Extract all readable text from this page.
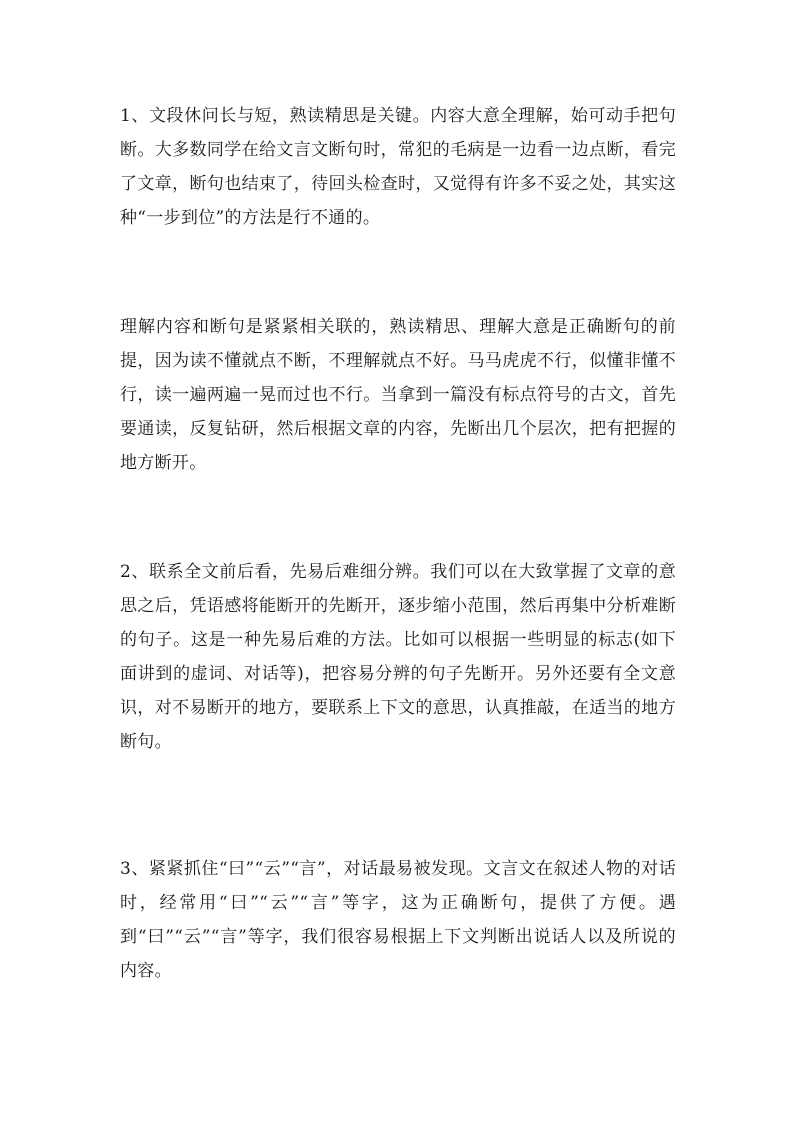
1、文段休问长与短，熟读精思是关键。内容大意全理解，始可动手把句断。大多数同学在给文言文断句时，常犯的毛病是一边看一边点断，看完了文章，断句也结束了，待回头检查时，又觉得有许多不妥之处，其实这种“一步到位”的方法是行不通的。

理解内容和断句是紧紧相关联的，熟读精思、理解大意是正确断句的前提，因为读不懂就点不断，不理解就点不好。马马虎虎不行，似懂非懂不行，读一遍两遍一晃而过也不行。当拿到一篇没有标点符号的古文，首先要通读，反复钻研，然后根据文章的内容，先断出几个层次，把有把握的地方断开。

2、联系全文前后看，先易后难细分辨。我们可以在大致掌握了文章的意思之后，凭语感将能断开的先断开，逐步缩小范围，然后再集中分析难断的句子。这是一种先易后难的方法。比如可以根据一些明显的标志(如下面讲到的虚词、对话等)，把容易分辨的句子先断开。另外还要有全文意识，对不易断开的地方，要联系上下文的意思，认真推敲，在适当的地方断句。

3、紧紧抓住“曰”“云”“言”，对话最易被发现。文言文在叙述人物的对话时，经常用“曰”“云”“言”等字，这为正确断句，提供了方便。遇到“曰”“云”“言”等字，我们很容易根据上下文判断出说话人以及所说的 内容。
